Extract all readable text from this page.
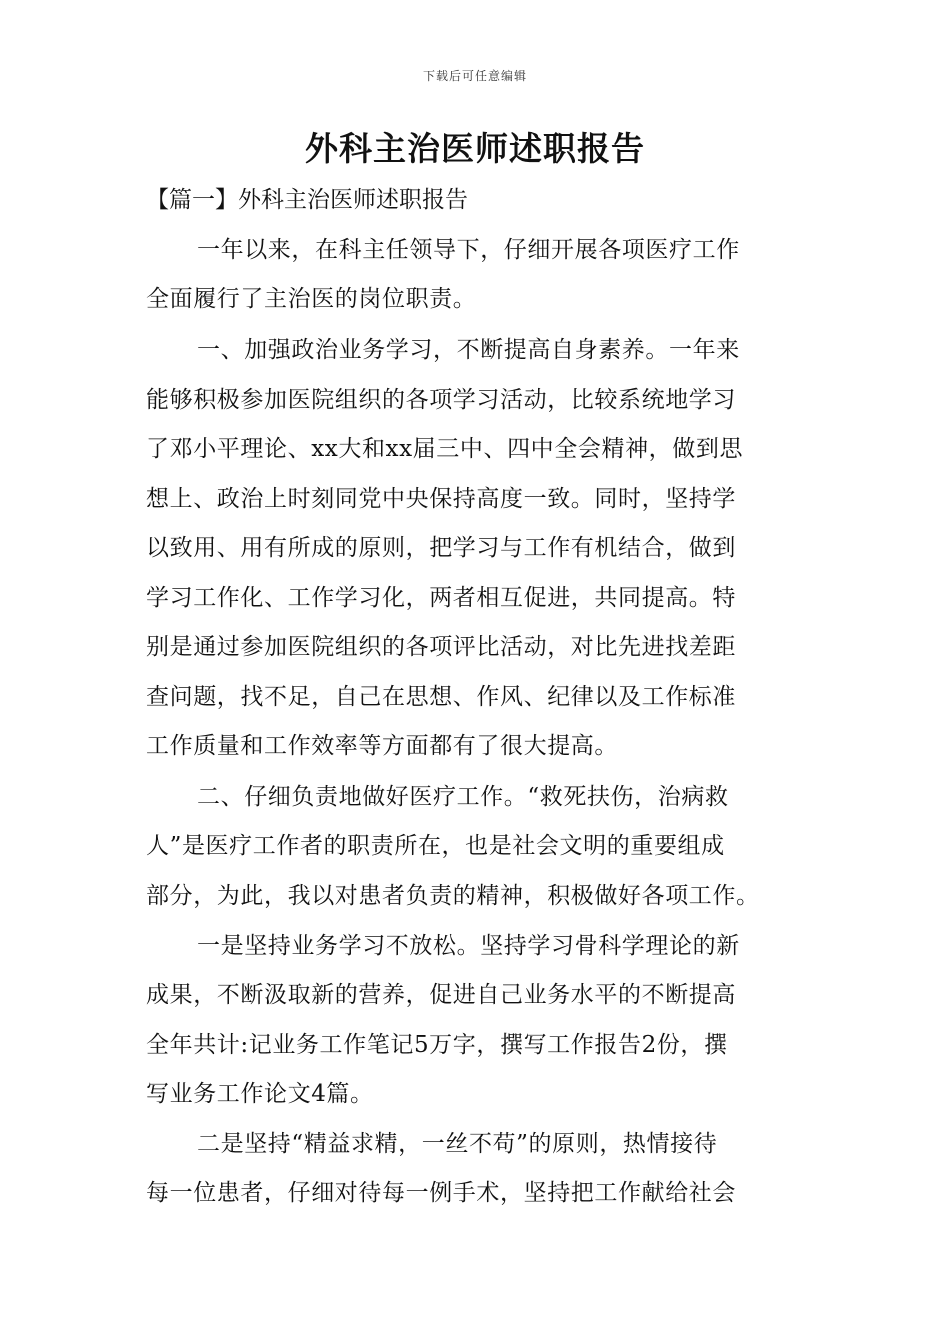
下载后可任意编辑
外科主治医师述职报告
【篇一】外科主治医师述职报告
一年以来，在科主任领导下，仔细开展各项医疗工作
全面履行了主治医的岗位职责。
一、加强政治业务学习，不断提高自身素养。一年来
能够积极参加医院组织的各项学习活动，比较系统地学习
了邓小平理论、xx大和xx届三中、四中全会精神，做到思
想上、政治上时刻同党中央保持高度一致。同时，坚持学
以致用、用有所成的原则，把学习与工作有机结合，做到
学习工作化、工作学习化，两者相互促进，共同提高。特
别是通过参加医院组织的各项评比活动，对比先进找差距
查问题，找不足，自己在思想、作风、纪律以及工作标准
工作质量和工作效率等方面都有了很大提高。
二、仔细负责地做好医疗工作。“救死扶伤，治病救
人”是医疗工作者的职责所在，也是社会文明的重要组成
部分，为此，我以对患者负责的精神，积极做好各项工作。
一是坚持业务学习不放松。坚持学习骨科学理论的新
成果，不断汲取新的营养，促进自己业务水平的不断提高
全年共计:记业务工作笔记5万字，撰写工作报告2份，撰
写业务工作论文4篇。
二是坚持“精益求精，一丝不苟”的原则，热情接待
每一位患者，仔细对待每一例手术，坚持把工作献给社会
